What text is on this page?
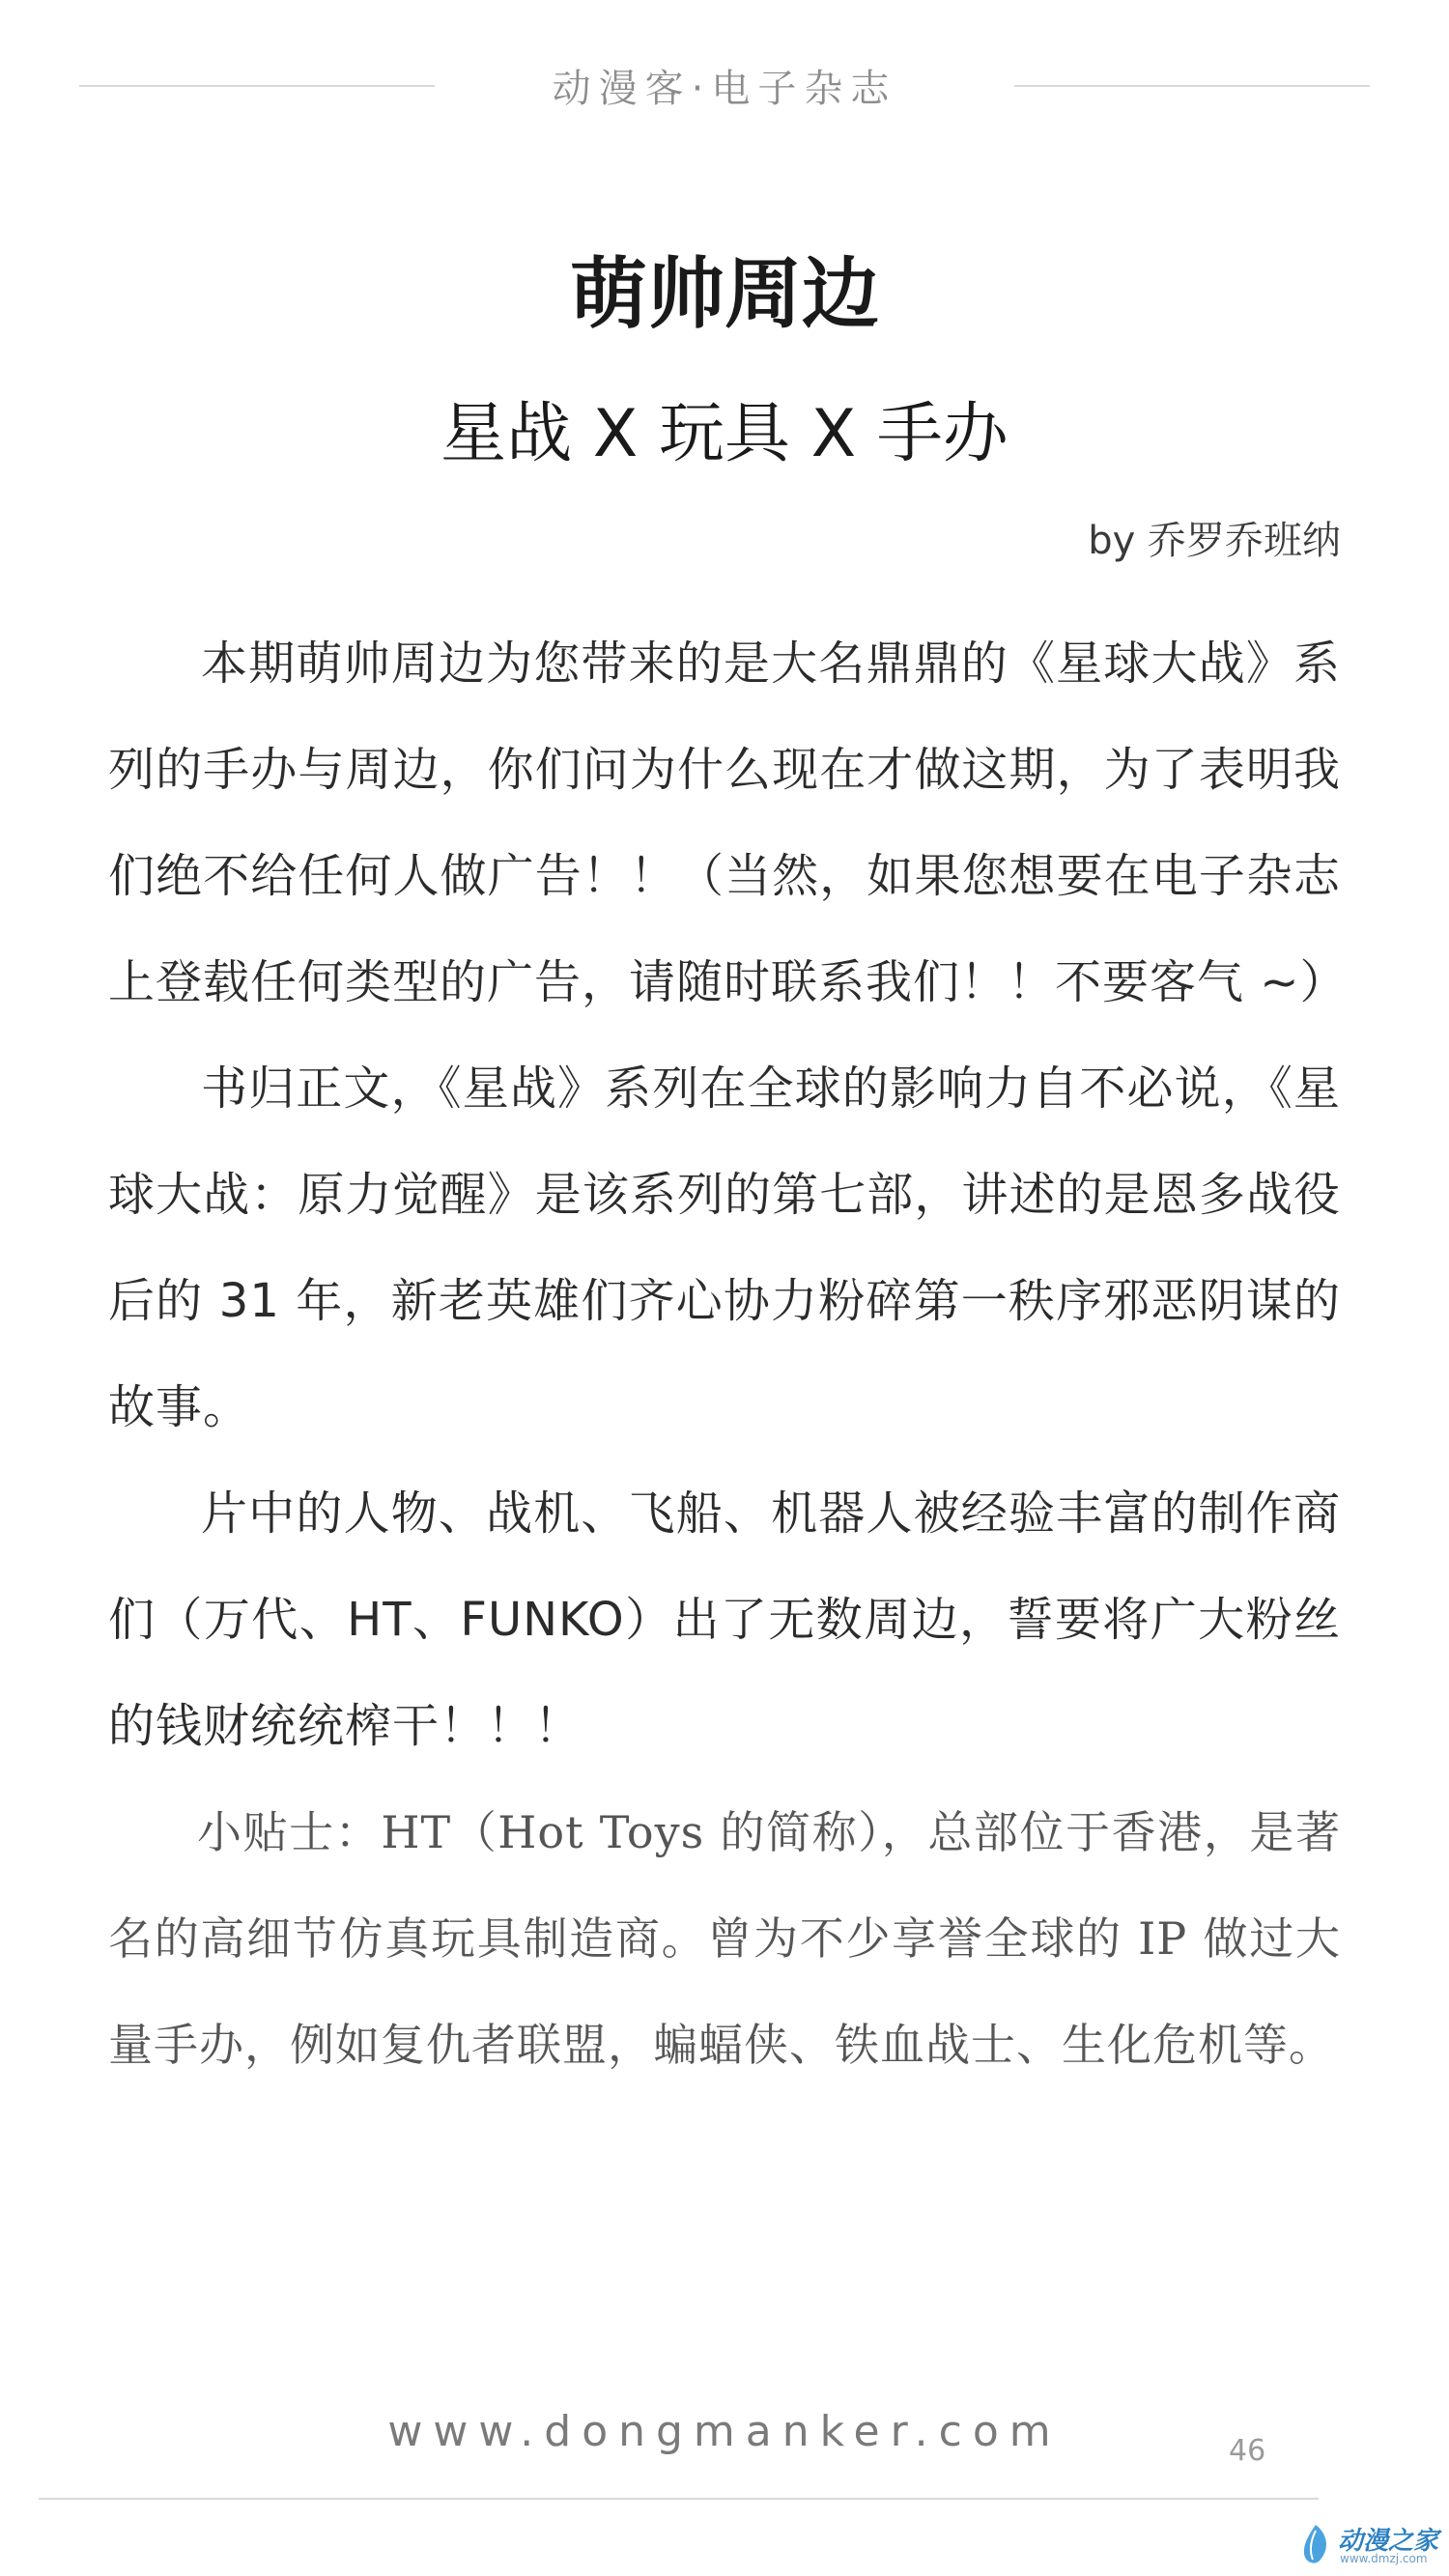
动漫客·电子杂志
萌帅周边
星战 X 玩具 X 手办
by 乔罗乔班纳

本期萌帅周边为您带来的是大名鼎鼎的《星球大战》系列的手办与周边，你们问为什么现在才做这期，为了表明我们绝不给任何人做广告！！（当然，如果您想要在电子杂志上登载任何类型的广告，请随时联系我们！！不要客气 ~）

书归正文，《星战》系列在全球的影响力自不必说，《星球大战：原力觉醒》是该系列的第七部，讲述的是恩多战役后的 31 年，新老英雄们齐心协力粉碎第一秩序邪恶阴谋的故事。

片中的人物、战机、飞船、机器人被经验丰富的制作商们（万代、HT、FUNKO）出了无数周边，誓要将广大粉丝的钱财统统榨干！！！

小贴士：HT（Hot Toys 的简称），总部位于香港，是著名的高细节仿真玩具制造商。曾为不少享誉全球的 IP 做过大量手办，例如复仇者联盟，蝙蝠侠、铁血战士、生化危机等。

www.dongmanker.com	46
动漫之家
www.dmzj.com
